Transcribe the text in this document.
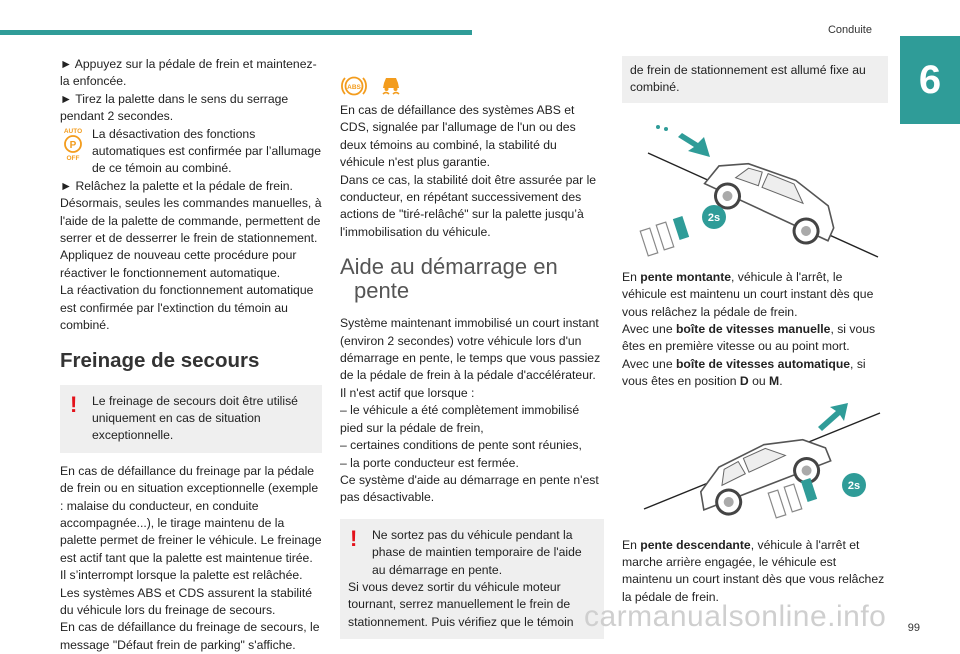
Conduite
6

► Appuyez sur la pédale de frein et maintenez-la enfoncée.

► Tirez la palette dans le sens du serrage pendant 2 secondes.

AUTO
P
OFF

La désactivation des fonctions automatiques est confirmée par l’allumage de ce témoin au combiné.

► Relâchez la palette et la pédale de frein.

Désormais, seules les commandes manuelles, à l'aide de la palette de commande, permettent de serrer et de desserrer le frein de stationnement.

Appliquez de nouveau cette procédure pour réactiver le fonctionnement automatique.

La réactivation du fonctionnement automatique est confirmée par l'extinction du témoin au combiné.

Freinage de secours
!	Le freinage de secours doit être utilisé uniquement en cas de situation exceptionnelle.

En cas de défaillance du freinage par la pédale de frein ou en situation exceptionnelle (exemple : malaise du conducteur, en conduite accompagnée...), le tirage maintenu de la palette permet de freiner le véhicule. Le freinage est actif tant que la palette est maintenue tirée. Il s’interrompt lorsque la palette est relâchée.

Les systèmes ABS et CDS assurent la stabilité du véhicule lors du freinage de secours.

En cas de défaillance du freinage de secours, le message "Défaut frein de parking" s'affiche.

ABS

En cas de défaillance des systèmes ABS et CDS, signalée par l'allumage de l'un ou des deux témoins au combiné, la stabilité du véhicule n'est plus garantie.

Dans ce cas, la stabilité doit être assurée par le conducteur, en répétant successivement des actions de "tiré-relâché" sur la palette jusqu’à l'immobilisation du véhicule.

Aide au démarrage en
pente

Système maintenant immobilisé un court instant (environ 2 secondes) votre véhicule lors d'un démarrage en pente, le temps que vous passiez de la pédale de frein à la pédale d'accélérateur.

Il n'est actif que lorsque :

– le véhicule a été complètement immobilisé pied sur la pédale de frein,

– certaines conditions de pente sont réunies,

– la porte conducteur est fermée.

Ce système d'aide au démarrage en pente n'est pas désactivable.

!	Ne sortez pas du véhicule pendant la phase de maintien temporaire de l'aide au démarrage en pente.
Si vous devez sortir du véhicule moteur tournant, serrez manuellement le frein de stationnement. Puis vérifiez que le témoin
de frein de stationnement est allumé fixe au combiné.
2s

En pente montante, véhicule à l'arrêt, le véhicule est maintenu un court instant dès que vous relâchez la pédale de frein.

Avec une boîte de vitesses manuelle, si vous êtes en première vitesse ou au point mort.

Avec une boîte de vitesses automatique, si vous êtes en position D ou M.

2s

En pente descendante, véhicule à l'arrêt et marche arrière engagée, le véhicule est maintenu un court instant dès que vous relâchez la pédale de frein.

carmanualsonline.info 99
